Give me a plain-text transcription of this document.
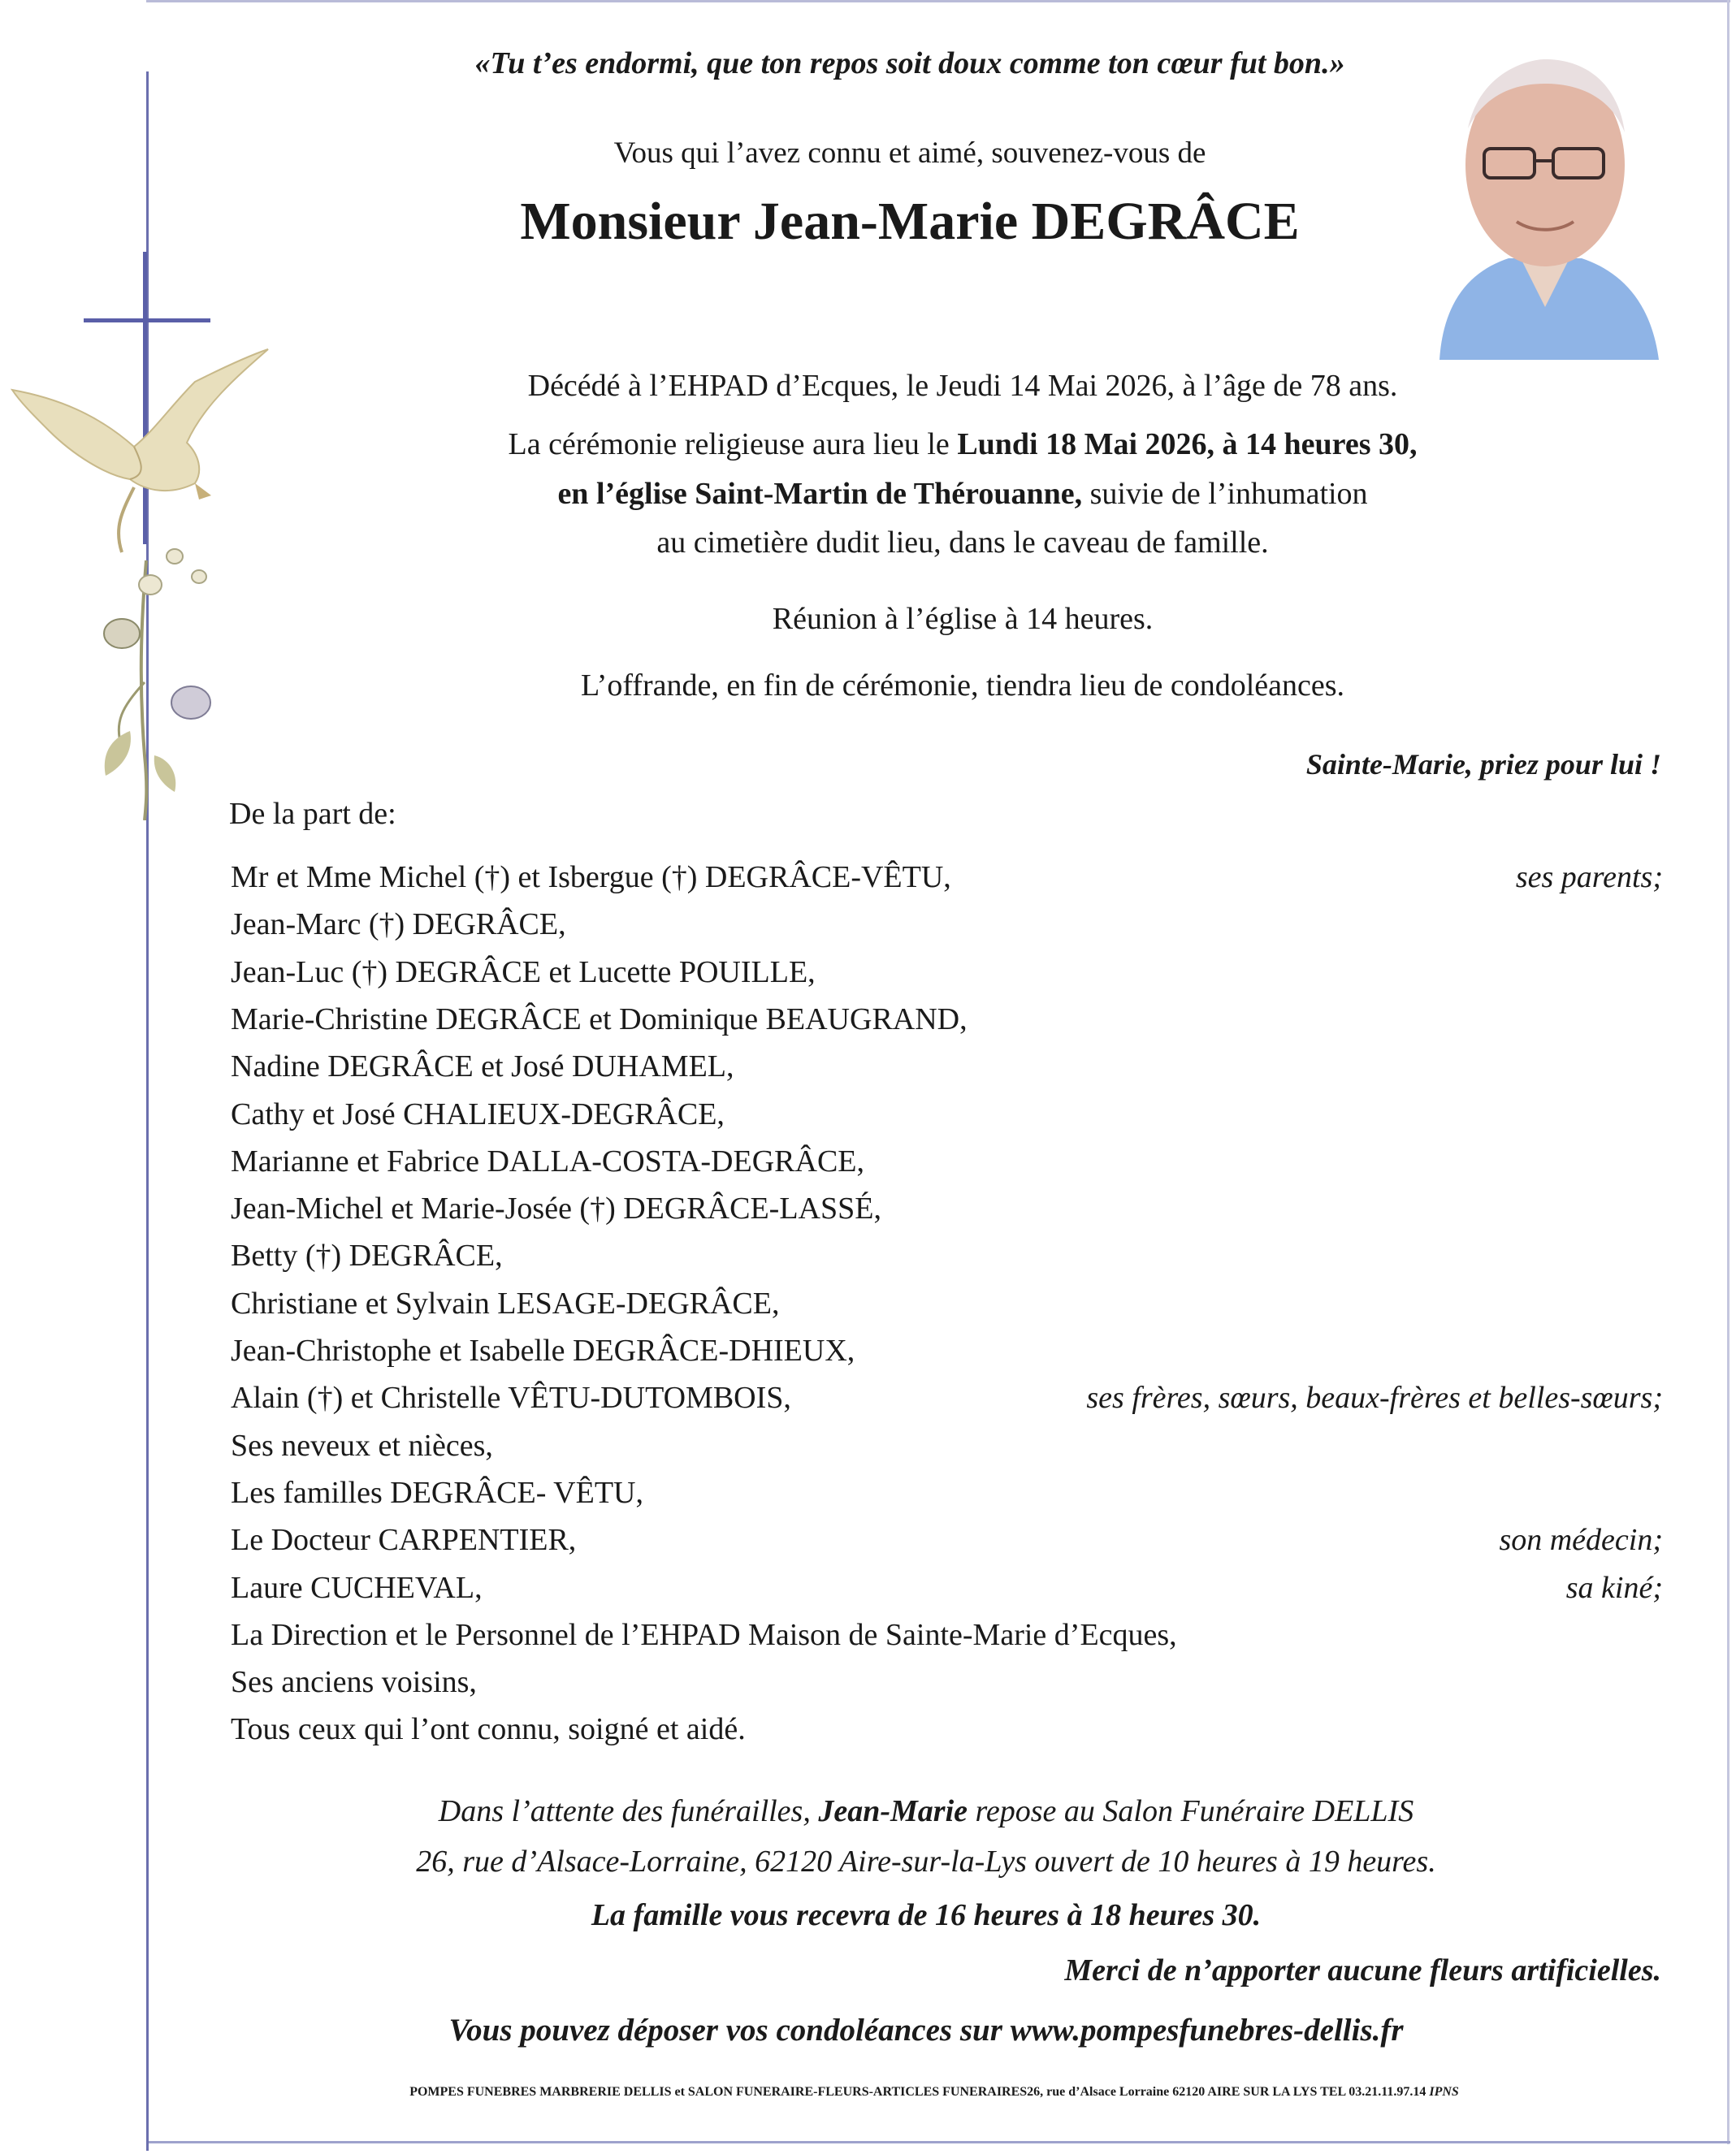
«Tu t’es endormi, que ton repos soit doux comme ton cœur fut bon.»
Vous qui l’avez connu et aimé, souvenez-vous de
Monsieur Jean-Marie DEGRÂCE
Décédé à l’EHPAD d’Ecques, le Jeudi 14 Mai 2026, à l’âge de 78 ans.
La cérémonie religieuse aura lieu le Lundi 18 Mai 2026, à 14 heures 30,
en l’église Saint-Martin de Thérouanne, suivie de l’inhumation
au cimetière dudit lieu, dans le caveau de famille.
Réunion à l’église à 14 heures.
L’offrande, en fin de cérémonie, tiendra lieu de condoléances.
Sainte-Marie, priez pour lui !
De la part de:
Mr et Mme Michel (†) et Isbergue (†) DEGRÂCE-VÊTU,	ses parents;
Jean-Marc (†) DEGRÂCE,
Jean-Luc (†) DEGRÂCE et Lucette POUILLE,
Marie-Christine DEGRÂCE et Dominique BEAUGRAND,
Nadine DEGRÂCE et José DUHAMEL,
Cathy et José CHALIEUX-DEGRÂCE,
Marianne et Fabrice DALLA-COSTA-DEGRÂCE,
Jean-Michel et Marie-Josée (†) DEGRÂCE-LASSÉ,
Betty (†) DEGRÂCE,
Christiane et Sylvain LESAGE-DEGRÂCE,
Jean-Christophe et Isabelle DEGRÂCE-DHIEUX,
Alain (†) et Christelle VÊTU-DUTOMBOIS,	ses frères, sœurs, beaux-frères et belles-sœurs;
Ses neveux et nièces,
Les familles DEGRÂCE- VÊTU,
Le Docteur CARPENTIER,	son médecin;
Laure CUCHEVAL,	sa kiné;
La Direction et le Personnel de l’EHPAD Maison de Sainte-Marie d’Ecques,
Ses anciens voisins,
Tous ceux qui l’ont connu, soigné et aidé.
Dans l’attente des funérailles, Jean-Marie repose au Salon Funéraire DELLIS
26, rue d’Alsace-Lorraine, 62120 Aire-sur-la-Lys ouvert de 10 heures à 19 heures.
La famille vous recevra de 16 heures à 18 heures 30.
Merci de n’apporter aucune fleurs artificielles.
Vous pouvez déposer vos condoléances sur www.pompesfunebres-dellis.fr
POMPES FUNEBRES MARBRERIE DELLIS et SALON FUNERAIRE-FLEURS-ARTICLES FUNERAIRES26, rue d’Alsace Lorraine 62120 AIRE SUR LA LYS TEL 03.21.11.97.14 IPNS
